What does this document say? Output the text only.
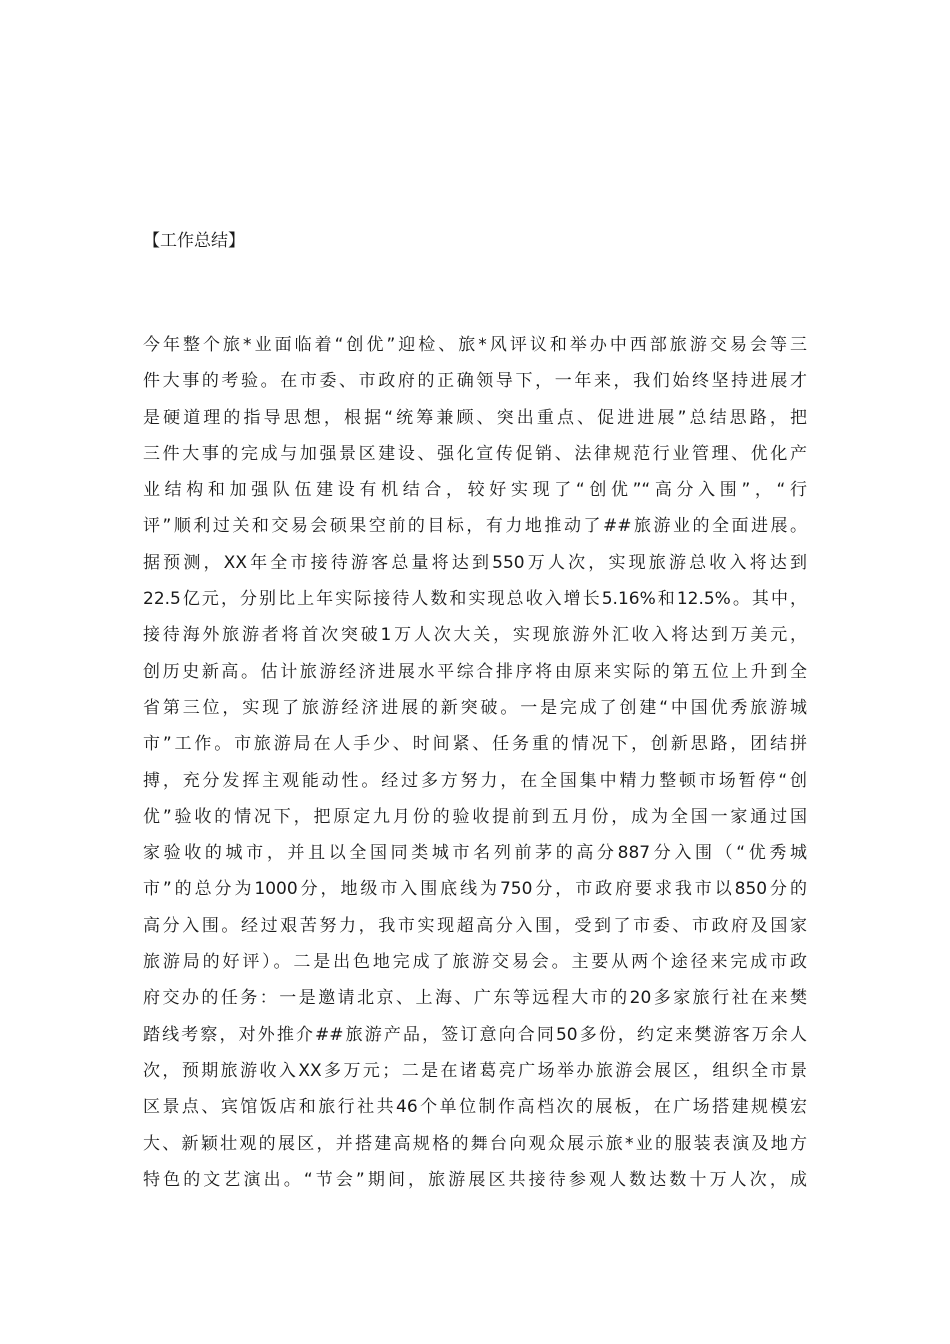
【工作总结】
今年整个旅*业面临着“创优”迎检、旅*风评议和举办中西部旅游交易会等三
件大事的考验。在市委、市政府的正确领导下，一年来，我们始终坚持进展才
是硬道理的指导思想，根据“统筹兼顾、突出重点、促进进展”总结思路，把
三件大事的完成与加强景区建设、强化宣传促销、法律规范行业管理、优化产
业结构和加强队伍建设有机结合，较好实现了“创优”“高分入围”，“行
评”顺利过关和交易会硕果空前的目标，有力地推动了##旅游业的全面进展。
据预测，XX年全市接待游客总量将达到550万人次，实现旅游总收入将达到
22.5亿元，分别比上年实际接待人数和实现总收入增长5.16%和12.5%。其中，
接待海外旅游者将首次突破1万人次大关，实现旅游外汇收入将达到万美元，
创历史新高。估计旅游经济进展水平综合排序将由原来实际的第五位上升到全
省第三位，实现了旅游经济进展的新突破。一是完成了创建“中国优秀旅游城
市”工作。市旅游局在人手少、时间紧、任务重的情况下，创新思路，团结拼
搏，充分发挥主观能动性。经过多方努力，在全国集中精力整顿市场暂停“创
优”验收的情况下，把原定九月份的验收提前到五月份，成为全国一家通过国
家验收的城市，并且以全国同类城市名列前茅的高分887分入围（“优秀城
市”的总分为1000分，地级市入围底线为750分，市政府要求我市以850分的
高分入围。经过艰苦努力，我市实现超高分入围，受到了市委、市政府及国家
旅游局的好评）。二是出色地完成了旅游交易会。主要从两个途径来完成市政
府交办的任务：一是邀请北京、上海、广东等远程大市的20多家旅行社在来樊
踏线考察，对外推介##旅游产品，签订意向合同50多份，约定来樊游客万余人
次，预期旅游收入XX多万元；二是在诸葛亮广场举办旅游会展区，组织全市景
区景点、宾馆饭店和旅行社共46个单位制作高档次的展板，在广场搭建规模宏
大、新颖壮观的展区，并搭建高规格的舞台向观众展示旅*业的服装表演及地方
特色的文艺演出。“节会”期间，旅游展区共接待参观人数达数十万人次，成
